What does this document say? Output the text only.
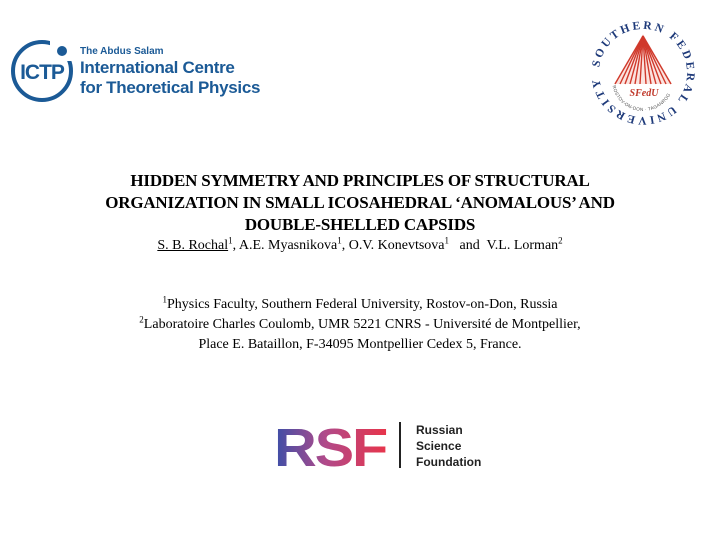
ICTP
The Abdus Salam
International Centre
for Theoretical Physics
SOUTHERN FEDERAL UNIVERSITY
SFedU
ROSTOV-ON-DON · TAGANROG
HIDDEN SYMMETRY AND PRINCIPLES OF STRUCTURAL
ORGANIZATION IN SMALL ICOSAHEDRAL ‘ANOMALOUS’ AND
DOUBLE-SHELLED CAPSIDS
S. B. Rochal$^1$, A.E. Myasnikova$^1$, O.V. Konevtsova$^1$   and  V.L. Lorman$^2$
$^1$Physics Faculty, Southern Federal University, Rostov-on-Don, Russia
$^2$Laboratoire Charles Coulomb, UMR 5221 CNRS - Université de Montpellier,
Place E. Bataillon, F-34095 Montpellier Cedex 5, France.
RSF Russian
Science
Foundation
